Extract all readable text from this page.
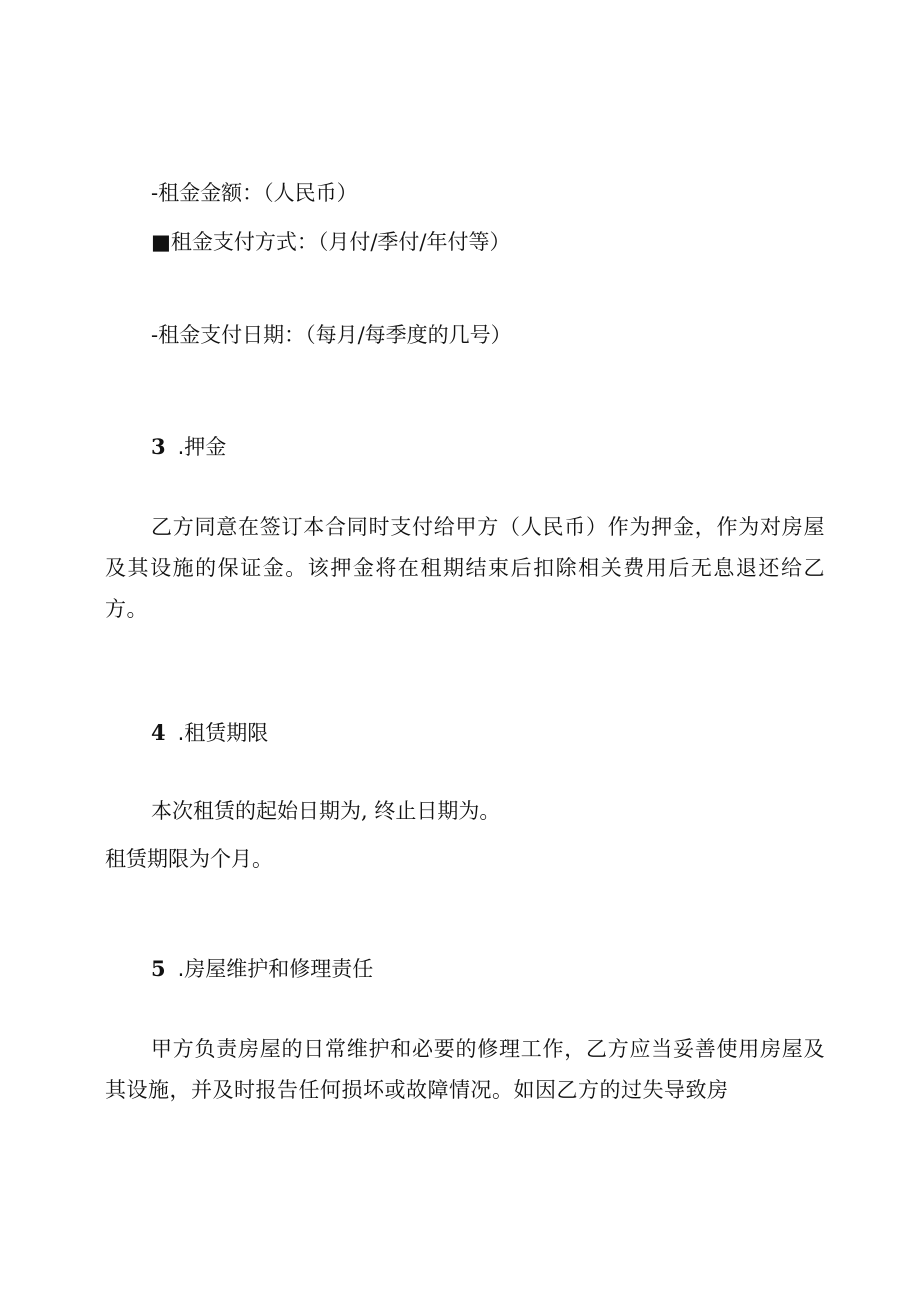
-租金金额：（人民币）
■租金支付方式：（月付/季付/年付等）
-租金支付日期：（每月/每季度的几号）
3 .押金
乙方同意在签订本合同时支付给甲方（人民币）作为押金，作为对房屋及其设施的保证金。该押金将在租期结束后扣除相关费用后无息退还给乙方。
4 .租赁期限
本次租赁的起始日期为, 终止日期为。
租赁期限为个月。
5 .房屋维护和修理责任
甲方负责房屋的日常维护和必要的修理工作，乙方应当妥善使用房屋及其设施，并及时报告任何损坏或故障情况。如因乙方的过失导致房
